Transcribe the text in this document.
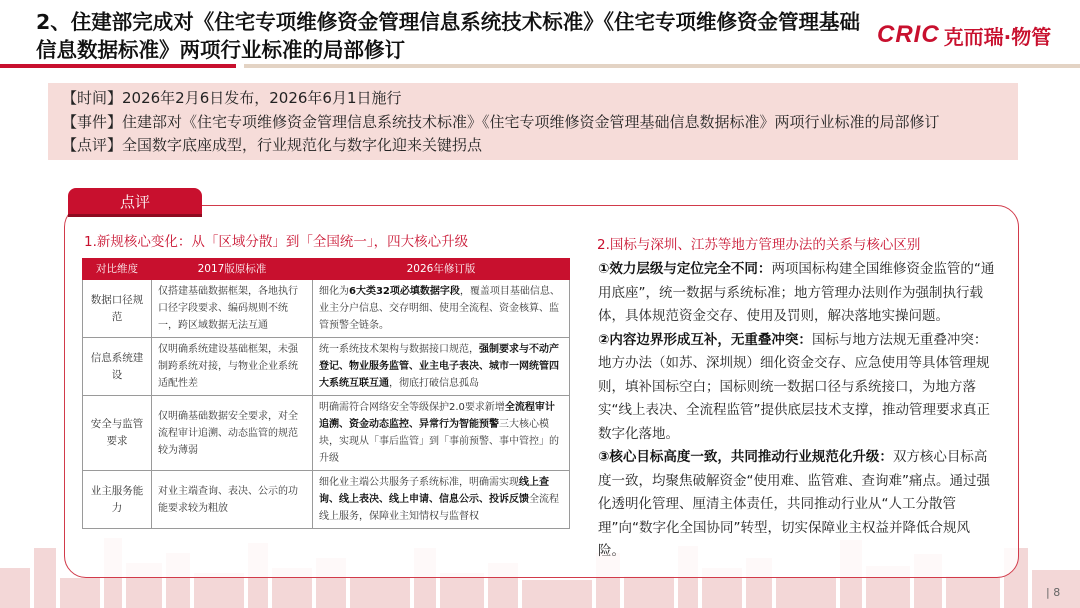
2、住建部完成对《住宅专项维修资金管理信息系统技术标准》《住宅专项维修资金管理基础信息数据标准》两项行业标准的局部修订
CRIC 克而瑞·物管
【时间】2026年2月6日发布，2026年6月1日施行
【事件】住建部对《住宅专项维修资金管理信息系统技术标准》《住宅专项维修资金管理基础信息数据标准》两项行业标准的局部修订
【点评】全国数字底座成型，行业规范化与数字化迎来关键拐点
点评
1.新规核心变化：从「区域分散」到「全国统一」，四大核心升级	2.国标与深圳、江苏等地方管理办法的关系与核心区别
对比维度	2017版原标准	2026年修订版
数据口径规范	仅搭建基础数据框架，各地执行口径字段要求、编码规则不统一，跨区域数据无法互通	细化为6大类32项必填数据字段，覆盖项目基础信息、业主分户信息、交存明细、使用全流程、资金核算、监管预警全链条。
信息系统建设	仅明确系统建设基础框架，未强制跨系统对接，与物业企业系统适配性差	统一系统技术架构与数据接口规范，强制要求与不动产登记、物业服务监管、业主电子表决、城市一网统管四大系统互联互通，彻底打破信息孤岛
安全与监管要求	仅明确基础数据安全要求，对全流程审计追溯、动态监管的规范较为薄弱	明确需符合网络安全等级保护2.0要求新增全流程审计追溯、资金动态监控、异常行为智能预警三大核心模块，实现从「事后监管」到「事前预警、事中管控」的升级
业主服务能力	对业主端查询、表决、公示的功能要求较为粗放	细化业主端公共服务子系统标准，明确需实现线上查询、线上表决、线上申请、信息公示、投诉反馈全流程线上服务，保障业主知情权与监督权

①效力层级与定位完全不同：两项国标构建全国维修资金监管的“通用底座”，统一数据与系统标准；地方管理办法则作为强制执行载体，具体规范资金交存、使用及罚则，解决落地实操问题。

②内容边界形成互补，无重叠冲突：国标与地方法规无重叠冲突：地方办法（如苏、深圳规）细化资金交存、应急使用等具体管理规则，填补国标空白；国标则统一数据口径与系统接口，为地方落实“线上表决、全流程监管”提供底层技术支撑，推动管理要求真正数字化落地。

③核心目标高度一致，共同推动行业规范化升级：双方核心目标高度一致，均聚焦破解资金“使用难、监管难、查询难”痛点。通过强化透明化管理、厘清主体责任，共同推动行业从“人工分散管理”向“数字化全国协同”转型，切实保障业主权益并降低合规风险。

| 8
